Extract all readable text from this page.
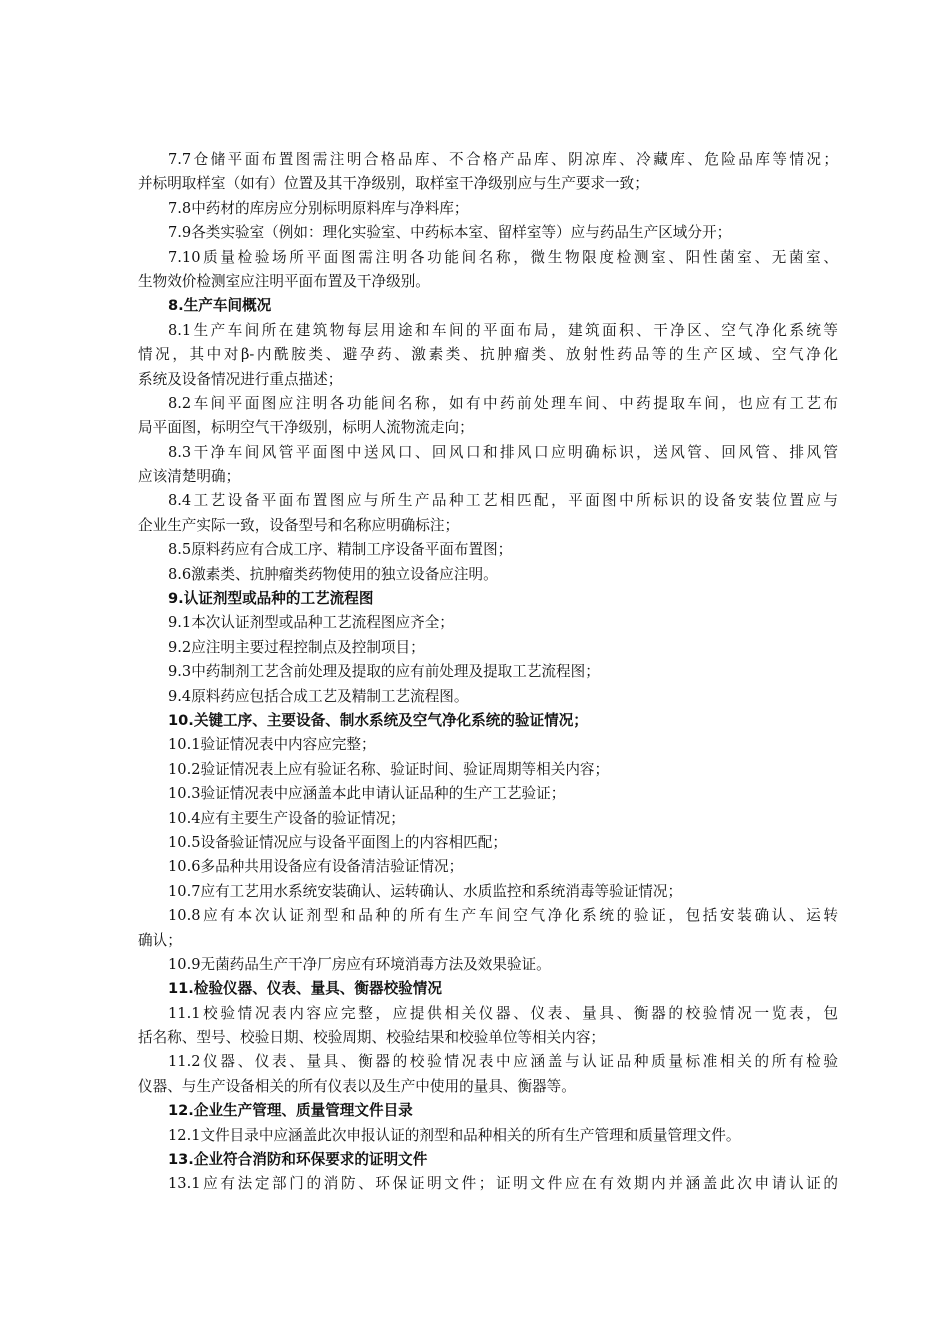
7.7仓储平面布置图需注明合格品库、不合格产品库、阴凉库、冷藏库、危险品库等情况；
并标明取样室（如有）位置及其干净级别，取样室干净级别应与生产要求一致；
7.8中药材的库房应分别标明原料库与净料库；
7.9各类实验室（例如：理化实验室、中药标本室、留样室等）应与药品生产区域分开；
7.10质量检验场所平面图需注明各功能间名称，微生物限度检测室、阳性菌室、无菌室、
生物效价检测室应注明平面布置及干净级别。
8.生产车间概况
8.1生产车间所在建筑物每层用途和车间的平面布局，建筑面积、干净区、空气净化系统等
情况，其中对β-内酰胺类、避孕药、激素类、抗肿瘤类、放射性药品等的生产区域、空气净化
系统及设备情况进行重点描述；
8.2车间平面图应注明各功能间名称，如有中药前处理车间、中药提取车间，也应有工艺布
局平面图，标明空气干净级别，标明人流物流走向；
8.3干净车间风管平面图中送风口、回风口和排风口应明确标识，送风管、回风管、排风管
应该清楚明确；
8.4工艺设备平面布置图应与所生产品种工艺相匹配，平面图中所标识的设备安装位置应与
企业生产实际一致，设备型号和名称应明确标注；
8.5原料药应有合成工序、精制工序设备平面布置图；
8.6激素类、抗肿瘤类药物使用的独立设备应注明。
9.认证剂型或品种的工艺流程图
9.1本次认证剂型或品种工艺流程图应齐全；
9.2应注明主要过程控制点及控制项目；
9.3中药制剂工艺含前处理及提取的应有前处理及提取工艺流程图；
9.4原料药应包括合成工艺及精制工艺流程图。
10.关键工序、主要设备、制水系统及空气净化系统的验证情况；
10.1验证情况表中内容应完整；
10.2验证情况表上应有验证名称、验证时间、验证周期等相关内容；
10.3验证情况表中应涵盖本此申请认证品种的生产工艺验证；
10.4应有主要生产设备的验证情况；
10.5设备验证情况应与设备平面图上的内容相匹配；
10.6多品种共用设备应有设备清洁验证情况；
10.7应有工艺用水系统安装确认、运转确认、水质监控和系统消毒等验证情况；
10.8应有本次认证剂型和品种的所有生产车间空气净化系统的验证，包括安装确认、运转
确认；
10.9无菌药品生产干净厂房应有环境消毒方法及效果验证。
11.检验仪器、仪表、量具、衡器校验情况
11.1校验情况表内容应完整，应提供相关仪器、仪表、量具、衡器的校验情况一览表，包
括名称、型号、校验日期、校验周期、校验结果和校验单位等相关内容；
11.2仪器、仪表、量具、衡器的校验情况表中应涵盖与认证品种质量标准相关的所有检验
仪器、与生产设备相关的所有仪表以及生产中使用的量具、衡器等。
12.企业生产管理、质量管理文件目录
12.1文件目录中应涵盖此次申报认证的剂型和品种相关的所有生产管理和质量管理文件。
13.企业符合消防和环保要求的证明文件
13.1应有法定部门的消防、环保证明文件；证明文件应在有效期内并涵盖此次申请认证的
